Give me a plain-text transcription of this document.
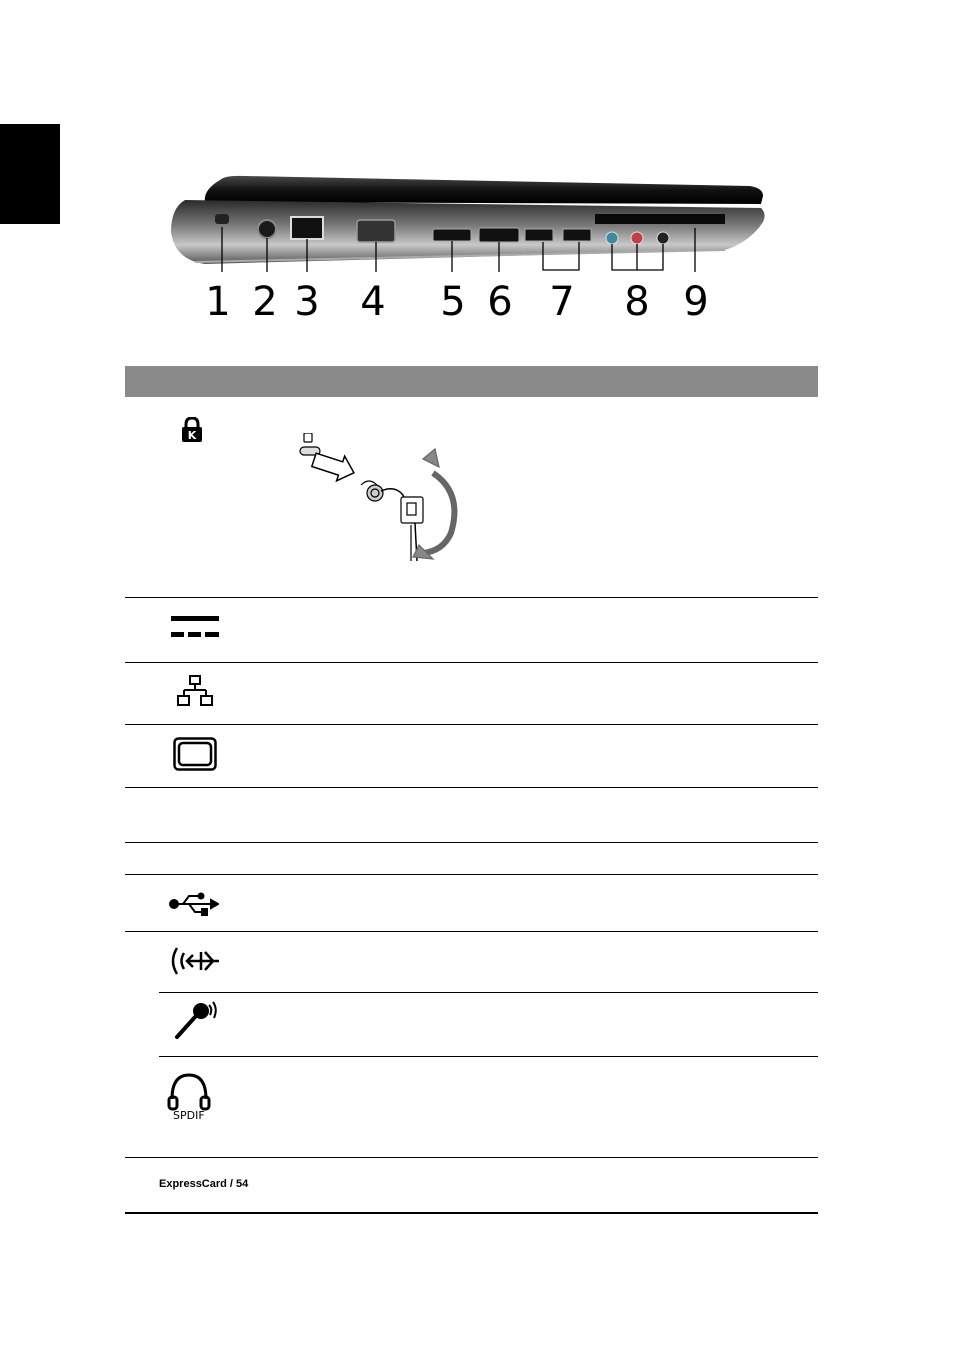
1 2 3 4 5 6 7 8 9

K

	SPDIF	

	ExpressCard / 54	
